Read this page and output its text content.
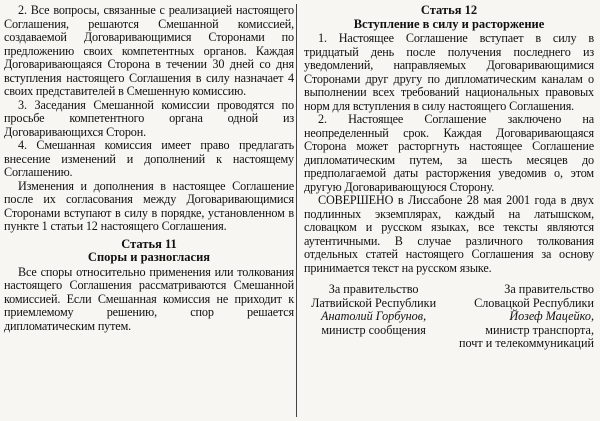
2. Все вопросы, связанные с реализацией настоящего Соглашения, решаются Смешанной комиссией, создаваемой Договаривающимися Сторонами по предложению своих компетентных органов. Каждая Договаривающаяся Сторона в течении 30 дней со дня вступления настоящего Соглашения в силу назначает 4 своих представителей в Смешенную комиссию.

3. Заседания Смешанной комиссии проводятся по просьбе компетентного органа одной из Договаривающихся Сторон.

4. Смешанная комиссия имеет право предлагать внесение изменений и дополнений к настоящему Соглашению.

Изменения и дополнения в настоящее Соглашение после их согласования между Договаривающимися Сторонами вступают в силу в порядке, установленном в пункте 1 статьи 12 настоящего Соглашения.

Статья 11
Споры и разногласия

Все споры относительно применения или толкования настоящего Соглашения рассматриваются Смешанной комиссией. Если Смешанная комиссия не приходит к приемлемому решению, спор решается дипломатическим путем.

Статья 12
Вступление в силу и расторжение

1. Настоящее Соглашение вступает в силу в тридцатый день после получения последнего из уведомлений, направляемых Договаривающимися Сторонами друг другу по дипломатическим каналам о выполнении всех требований национальных правовых норм для вступления в силу настоящего Соглашения.

2. Настоящее Соглашение заключено на неопределенный срок. Каждая Договаривающаяся Сторона может расторгнуть настоящее Соглашение дипломатическим путем, за шесть месяцев до предполагаемой даты расторжения уведомив о, этом другую Договаривающуюся Сторону.

СОВЕРШЕНО в Лиссабоне 28 мая 2001 года в двух подлинных экземплярах, каждый на латышском, словацком и русском языках, все тексты являются аутентичными. В случае различного толкования отдельных статей настоящего Соглашения за основу принимается текст на русском языке.

За правительство
Латвийской Республики
Анатолий Горбунов,
министр сообщения
За правительство
Словацкой Республики
Йозеф Мацейко,
министр транспорта,
почт и телекоммуникаций
